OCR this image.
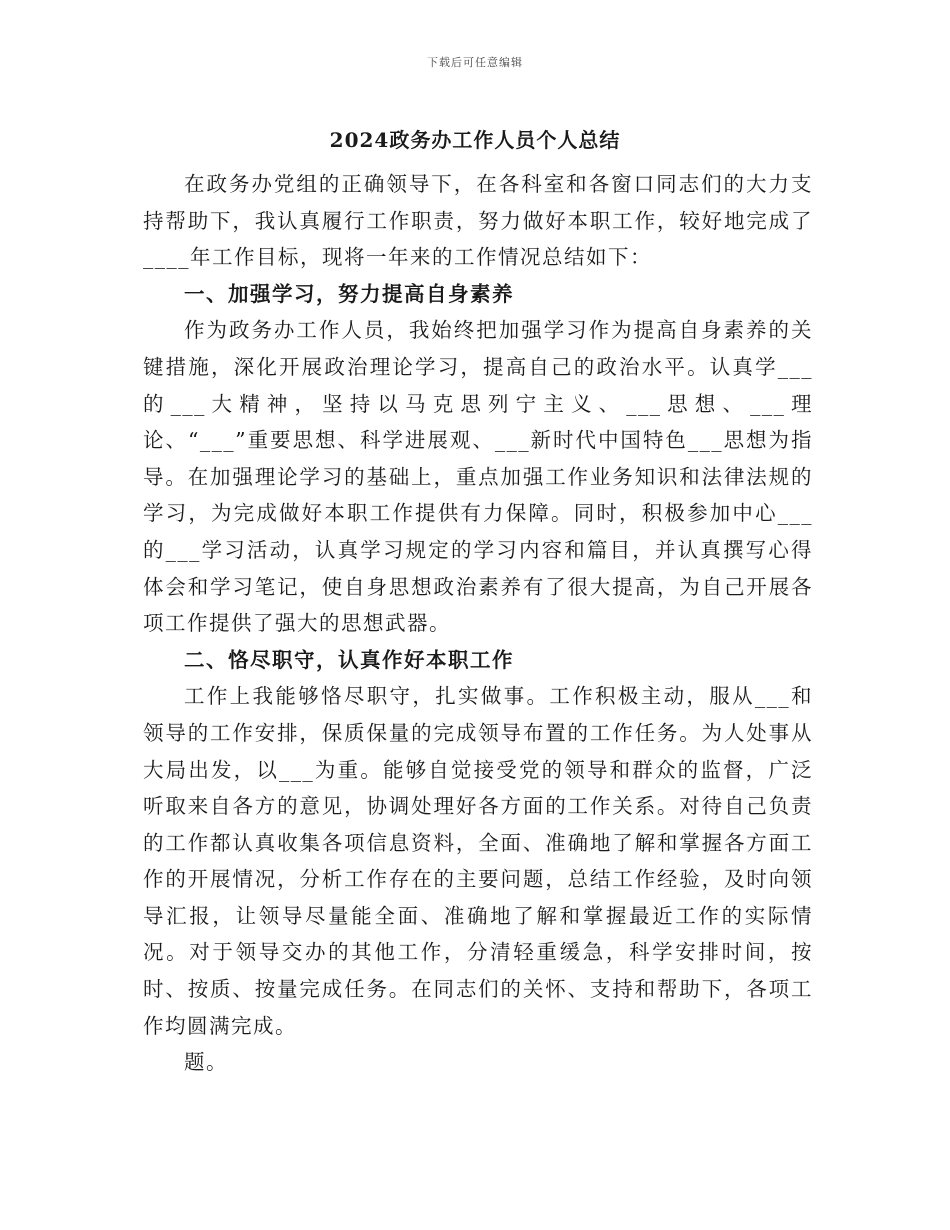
下载后可任意编辑
2024政务办工作人员个人总结

在政务办党组的正确领导下，在各科室和各窗口同志们的大力支持帮助下，我认真履行工作职责，努力做好本职工作，较好地完成了____年工作目标，现将一年来的工作情况总结如下：

一、加强学习，努力提高自身素养

作为政务办工作人员，我始终把加强学习作为提高自身素养的关键措施，深化开展政治理论学习，提高自己的政治水平。认真学___的___大精神，坚持以马克思列宁主义、___思想、___理论、“___”重要思想、科学进展观、___新时代中国特色___思想为指导。在加强理论学习的基础上，重点加强工作业务知识和法律法规的学习，为完成做好本职工作提供有力保障。同时，积极参加中心___的___学习活动，认真学习规定的学习内容和篇目，并认真撰写心得体会和学习笔记，使自身思想政治素养有了很大提高，为自己开展各项工作提供了强大的思想武器。

二、恪尽职守，认真作好本职工作

工作上我能够恪尽职守，扎实做事。工作积极主动，服从___和领导的工作安排，保质保量的完成领导布置的工作任务。为人处事从大局出发，以___为重。能够自觉接受党的领导和群众的监督，广泛听取来自各方的意见，协调处理好各方面的工作关系。对待自己负责的工作都认真收集各项信息资料，全面、准确地了解和掌握各方面工作的开展情况，分析工作存在的主要问题，总结工作经验，及时向领导汇报，让领导尽量能全面、准确地了解和掌握最近工作的实际情况。对于领导交办的其他工作，分清轻重缓急，科学安排时间，按时、按质、按量完成任务。在同志们的关怀、支持和帮助下，各项工作均圆满完成。

题。
